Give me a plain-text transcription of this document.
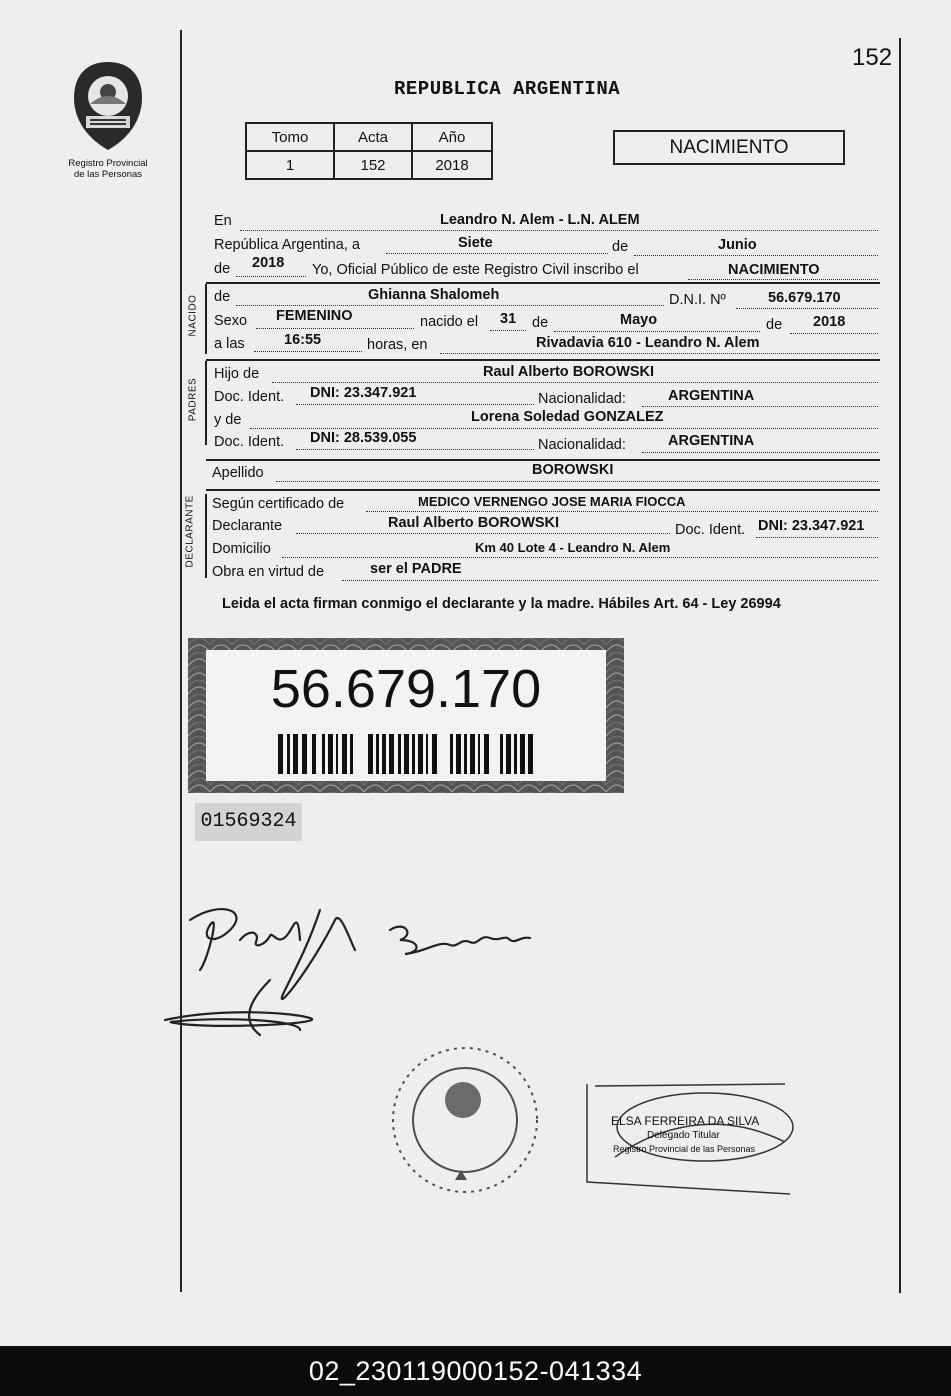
152
Registro Provincial
de las Personas
REPUBLICA ARGENTINA
Tomo	Acta	Año
1	152	2018
NACIMIENTO
En	Leandro N. Alem - L.N. ALEM
República Argentina, a	Siete	de	Junio
de 2018 Yo, Oficial Público de este Registro Civil inscribo el	NACIMIENTO
NACIDO de	Ghianna Shalomeh	D.N.I. Nº	56.679.170
Sexo FEMENINO	nacido el 31 de	Mayo	de 2018
a las	16:55	horas, en	Rivadavia 610 - Leandro N. Alem
PADRES
Hijo de	Raul Alberto BOROWSKI
Doc. Ident. DNI: 23.347.921	Nacionalidad:	ARGENTINA
y de	Lorena Soledad GONZALEZ
Doc. Ident. DNI: 28.539.055	Nacionalidad:	ARGENTINA
Apellido	BOROWSKI
DECLARANTE Según certificado de	MEDICO VERNENGO JOSE MARIA FIOCCA
Declarante	Raul Alberto BOROWSKI	Doc. Ident. DNI: 23.347.921
Domicilio	Km 40 Lote 4 - Leandro N. Alem
Obra en virtud de	ser el PADRE
Leida el acta firman conmigo el declarante y la madre. Hábiles Art. 64 - Ley 26994
56.679.170
01569324
ELSA FERREIRA DA SILVA
Delegado Titular
Registro Provincial de las Personas
02_230119000152-041334
